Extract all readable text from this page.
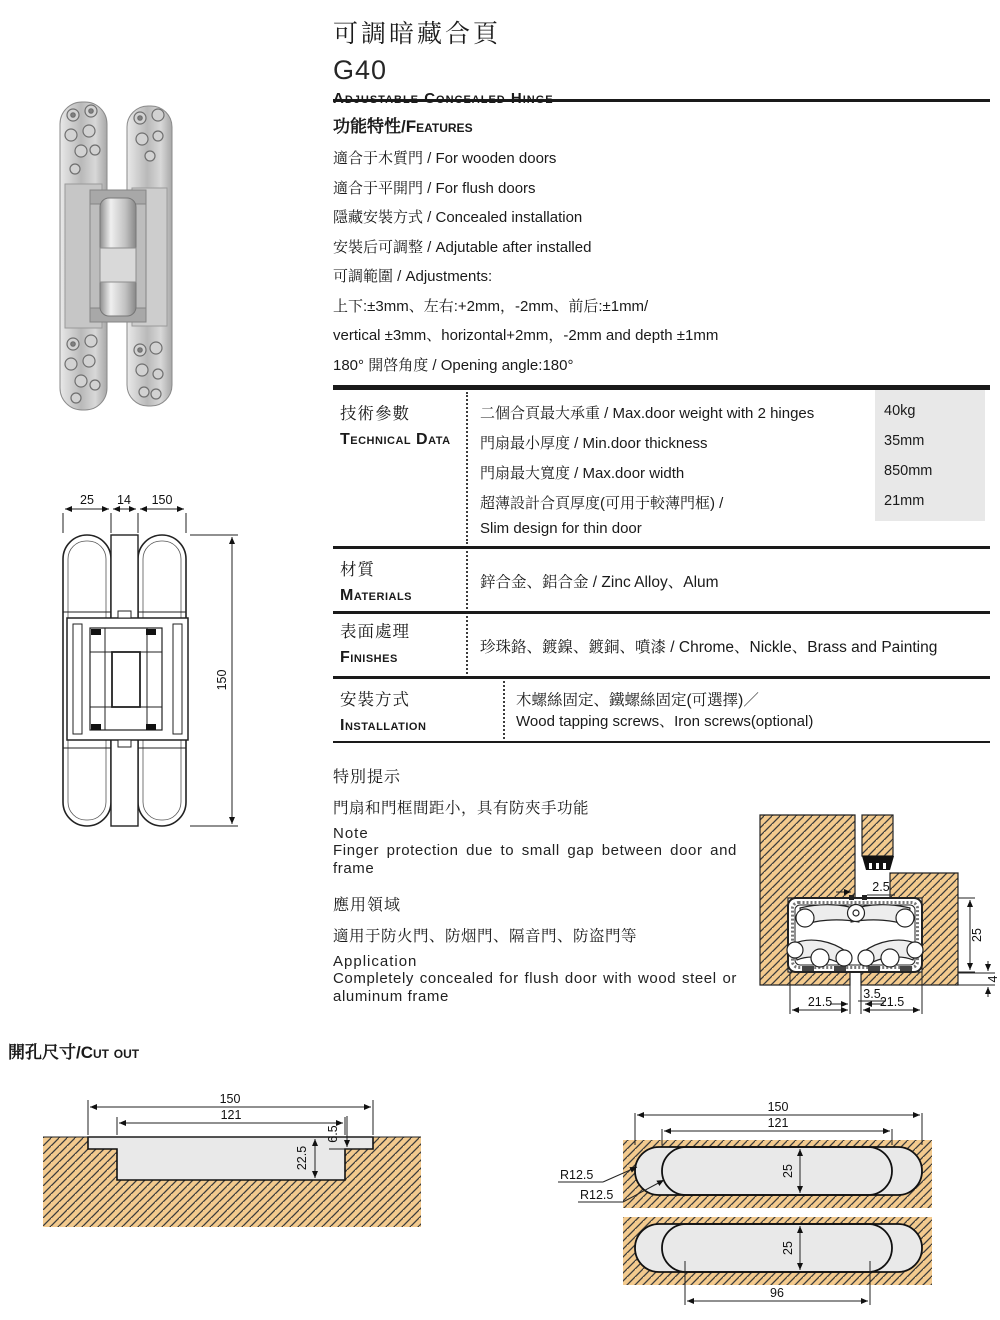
可調暗藏合頁
G40
功能特性/Features
適合于木質門 / For wooden doors
適合于平開門 / For flush doors
隱藏安裝方式 / Concealed installation
安裝后可調整 / Adjutable after installed
可調範圍 / Adjustments:
上下:±3mm、左右:+2mm，-2mm、前后:±1mm/
vertical ±3mm、horizontal+2mm，-2mm and depth ±1mm
180° 開啓角度 / Opening angle:180°
技術參數
Technical Data
二個合頁最大承重 / Max.door weight with 2 hinges
門扇最小厚度 / Min.door thickness
門扇最大寬度 / Max.door width
超薄設計合頁厚度(可用于較薄門框) /
Slim design for thin door
40kg
35mm
850mm
21mm
材質
Materials
鋅合金、鋁合金 / Zinc Alloy、Alum
表面處理
Finishes
珍珠鉻、鍍鎳、鍍銅、噴漆 / Chrome、Nickle、Brass and Painting
安裝方式
Installation
木螺絲固定、鐵螺絲固定(可選擇)／
Wood tapping screws、Iron screws(optional)
特別提示
門扇和門框間距小，具有防夾手功能
Note
Finger protection due to small gap between door and frame
應用領域
適用于防火門、防烟門、隔音門、防盗門等
Application
Completely concealed for flush door with wood steel or aluminum frame
2.5
25
4
3.5
21.5	21.5
25 14 150
150
開孔尺寸/Cut out
150
121
22.5
6.5
150
121
25
25
R12.5
R12.5
96
